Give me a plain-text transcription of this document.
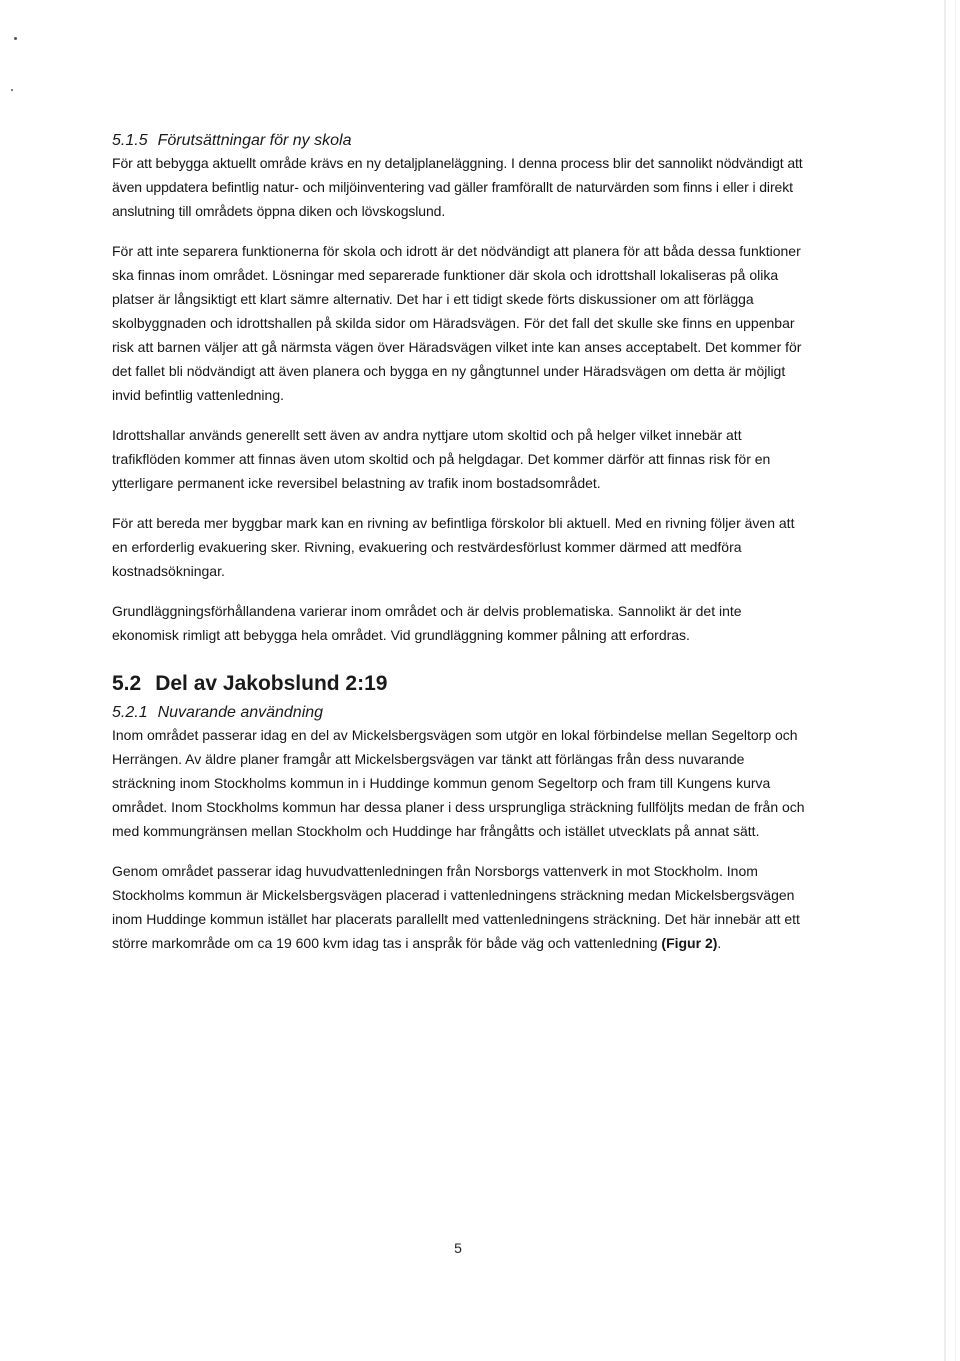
5.1.5 Förutsättningar för ny skola

För att bebygga aktuellt område krävs en ny detaljplaneläggning. I denna process blir det sannolikt nödvändigt att även uppdatera befintlig natur- och miljöinventering vad gäller framförallt de naturvärden som finns i eller i direkt anslutning till områdets öppna diken och lövskogslund.

För att inte separera funktionerna för skola och idrott är det nödvändigt att planera för att båda dessa funktioner ska finnas inom området. Lösningar med separerade funktioner där skola och idrottshall lokaliseras på olika platser är långsiktigt ett klart sämre alternativ. Det har i ett tidigt skede förts diskussioner om att förlägga skolbyggnaden och idrottshallen på skilda sidor om Häradsvägen. För det fall det skulle ske finns en uppenbar risk att barnen väljer att gå närmsta vägen över Häradsvägen vilket inte kan anses acceptabelt. Det kommer för det fallet bli nödvändigt att även planera och bygga en ny gångtunnel under Häradsvägen om detta är möjligt invid befintlig vattenledning.

Idrottshallar används generellt sett även av andra nyttjare utom skoltid och på helger vilket innebär att trafikflöden kommer att finnas även utom skoltid och på helgdagar. Det kommer därför att finnas risk för en ytterligare permanent icke reversibel belastning av trafik inom bostadsområdet.

För att bereda mer byggbar mark kan en rivning av befintliga förskolor bli aktuell. Med en rivning följer även att en erforderlig evakuering sker. Rivning, evakuering och restvärdesförlust kommer därmed att medföra kostnadsökningar.

Grundläggningsförhållandena varierar inom området och är delvis problematiska. Sannolikt är det inte ekonomisk rimligt att bebygga hela området. Vid grundläggning kommer pålning att erfordras.

5.2 Del av Jakobslund 2:19
5.2.1 Nuvarande användning

Inom området passerar idag en del av Mickelsbergsvägen som utgör en lokal förbindelse mellan Segeltorp och Herrängen. Av äldre planer framgår att Mickelsbergsvägen var tänkt att förlängas från dess nuvarande sträckning inom Stockholms kommun in i Huddinge kommun genom Segeltorp och fram till Kungens kurva området. Inom Stockholms kommun har dessa planer i dess ursprungliga sträckning fullföljts medan de från och med kommungränsen mellan Stockholm och Huddinge har frångåtts och istället utvecklats på annat sätt.

Genom området passerar idag huvudvattenledningen från Norsborgs vattenverk in mot Stockholm. Inom Stockholms kommun är Mickelsbergsvägen placerad i vattenledningens sträckning medan Mickelsbergsvägen inom Huddinge kommun istället har placerats parallellt med vattenledningens sträckning. Det här innebär att ett större markområde om ca 19 600 kvm idag tas i anspråk för både väg och vattenledning (Figur 2).

5
